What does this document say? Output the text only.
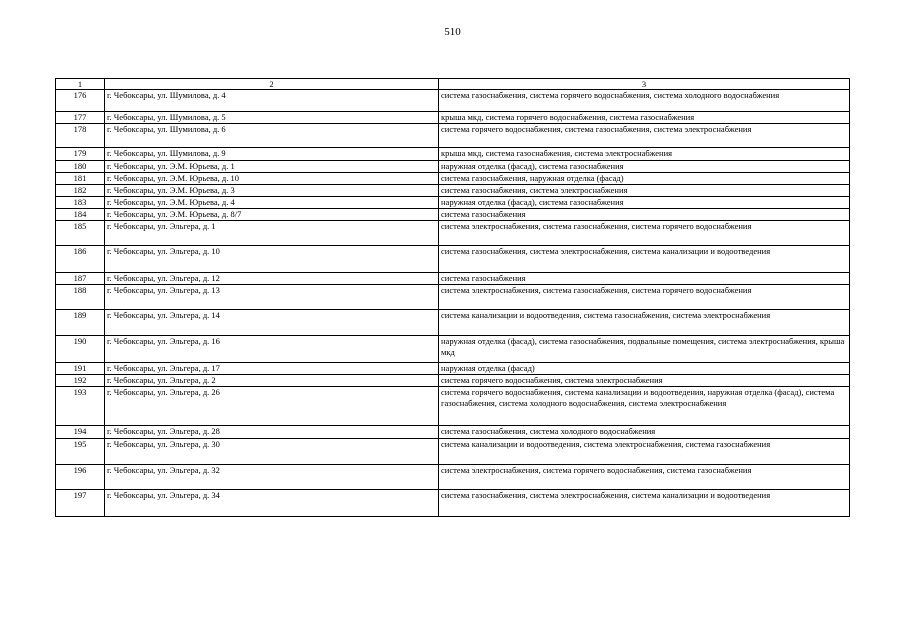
510
1	2	3
176	г. Чебоксары, ул. Шумилова, д. 4	система газоснабжения, система горячего водоснабжения, система холодного водоснабжения
177	г. Чебоксары, ул. Шумилова, д. 5	крыша мкд, система горячего водоснабжения, система газоснабжения
178	г. Чебоксары, ул. Шумилова, д. 6	система горячего водоснабжения, система газоснабжения, система электроснабжения
179	г. Чебоксары, ул. Шумилова, д. 9	крыша мкд, система газоснабжения, система электроснабжения
180	г. Чебоксары, ул. Э.М. Юрьева, д. 1	наружная отделка (фасад), система газоснабжения
181	г. Чебоксары, ул. Э.М. Юрьева, д. 10	система газоснабжения, наружная отделка (фасад)
182	г. Чебоксары, ул. Э.М. Юрьева, д. 3	система газоснабжения, система электроснабжения
183	г. Чебоксары, ул. Э.М. Юрьева, д. 4	наружная отделка (фасад), система газоснабжения
184	г. Чебоксары, ул. Э.М. Юрьева, д. 8/7	система газоснабжения
185	г. Чебоксары, ул. Эльгера, д. 1	система электроснабжения, система газоснабжения, система горячего водоснабжения
186	г. Чебоксары, ул. Эльгера, д. 10	система газоснабжения, система электроснабжения, система канализации и водоотведения
187	г. Чебоксары, ул. Эльгера, д. 12	система газоснабжения
188	г. Чебоксары, ул. Эльгера, д. 13	система электроснабжения, система газоснабжения, система горячего водоснабжения
189	г. Чебоксары, ул. Эльгера, д. 14	система канализации и водоотведения, система газоснабжения, система электроснабжения
190	г. Чебоксары, ул. Эльгера, д. 16	наружная отделка (фасад), система газоснабжения, подвальные помещения, система электроснабжения, крыша мкд
191	г. Чебоксары, ул. Эльгера, д. 17	наружная отделка (фасад)
192	г. Чебоксары, ул. Эльгера, д. 2	система горячего водоснабжения, система электроснабжения
193	г. Чебоксары, ул. Эльгера, д. 26	система горячего водоснабжения, система канализации и водоотведения, наружная отделка (фасад), система газоснабжения, система холодного водоснабжения, система электроснабжения
194	г. Чебоксары, ул. Эльгера, д. 28	система газоснабжения, система холодного водоснабжения
195	г. Чебоксары, ул. Эльгера, д. 30	система канализации и водоотведения, система электроснабжения, система газоснабжения
196	г. Чебоксары, ул. Эльгера, д. 32	система электроснабжения, система горячего водоснабжения, система газоснабжения
197	г. Чебоксары, ул. Эльгера, д. 34	система газоснабжения, система электроснабжения, система канализации и водоотведения
